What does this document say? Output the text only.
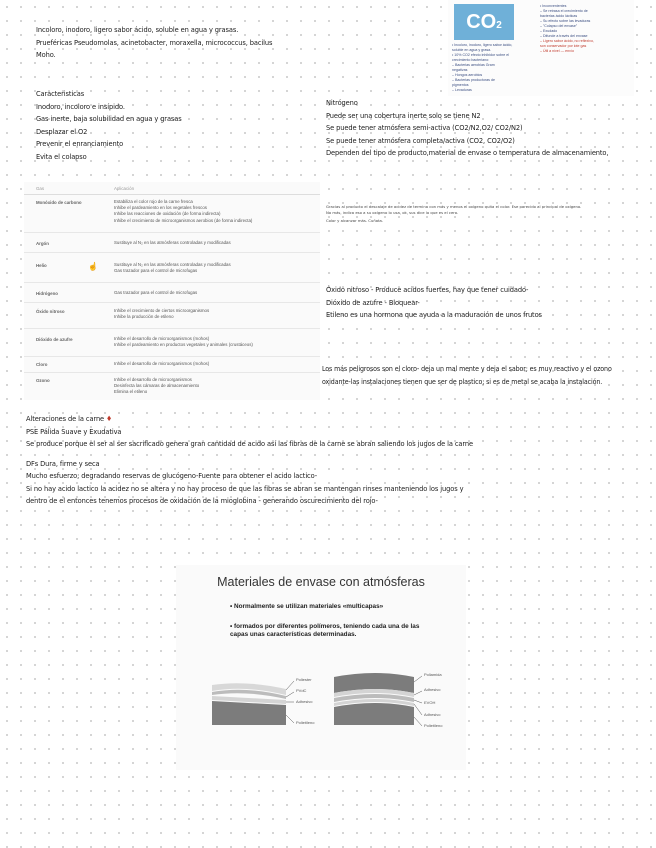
CO2
• Incoloro, inodoro, ligero sabor ácido,
soluble en agua y grasa.
• 10% CO2 efecto inhibidor sobre el
crecimiento bacteriano:
– Bacterias aerobias Gram
negativas
– Hongos aerobios
– Bacterias productoras de
pigmentos
– Levaduras
• Inconvenientes
– Se retrasa el crecimiento de
bacterias ácido lácticas
– Su efecto sobre las levaduras
– "Colapso del envase"
– Exudado
– Difunde a través del envase
– Ligero sabor ácido, no reflexivo,
son conservador por lote gas
– Útil a nivel — envío
Incoloro, inodoro, ligero sabor ácido, soluble en agua y grasas.
Prueféricas Pseudomolas, acinetobacter, moraxella, micrococcus, bacilus
Moho.
Caracteristicas
Inodoro, incoloro e insípido.
Gas inerte, baja solubilidad en agua y grasas
Desplazar el O2
Prevenir el enranciamiento
Evita el colapso
Nitrógeno
Puede ser una cobertura inerte solo se tiene N2
Se puede tener atmósfera semi-activa (CO2/N2,O2/ CO2/N2)
Se puede tener atmósfera completa/activa (CO2, CO2/O2)
Dependen del tipo de producto,material de envase o temperatura de almacenamiento,
Gracias al producto el descalaje de acidez de termina con más y menos el oxígeno quita el color. Ese parecido al principal de oxígeno.
No más, indica eso a su oxígeno lo usa, ok, sus dice lo que es el cero.
Color y alcanzar más. Cuñata.
Gas	Aplicación
Monóxido de carbono	Estabiliza el color rojo de la carne fresca
Inhibe el pardeamiento en los vegetales frescos
Inhibe las reacciones de oxidación (de forma indirecta)
Inhibe el crecimiento de microorganismos aerobios (de forma indirecta)
Argón	Sustituye al N₂ en las atmósferas controladas y modificadas
Helio	Sustituye al N₂ en las atmósferas controladas y modificadas
Gas trazador para el control de microfugas
Hidrógeno	Gas trazador para el control de microfugas
Óxido nitroso	Inhibe el crecimiento de ciertos microorganismos
Inhibe la producción de etileno
Dióxido de azufre	Inhibe el desarrollo de microorganismos (mohos)
Inhibe el pardeamiento en productos vegetales y animales (crustáceos)
Cloro	Inhibe el desarrollo de microorganismos (mohos)
Ozono	Inhibe el desarrollo de microorganismos
Desinfecta las cámaras de almacenamiento
Elimina el etileno
☝
Óxido nitroso - Produce acidos fuertes, hay que tener cuidado-
Dióxido de azufre - Bloquear-
Etileno es una hormona que ayuda a la maduración de unos frutos
Los más peligrosos son el cloro- deja un mal mente y deja el sabor; es muy reactivo y el ozono
oxidante-las instalaciones tienen que ser de plastico; si es de metal se acaba la instalación.
Alteraciones de la carne ♦
PSE Pálida Suave y Exudativa
Se produce porque el ser al ser sacrificado genera gran cantidad de acido así las fibras de la carne se abran saliendo los jugos de la carne
DFs Dura, firme y seca
Mucho esfuerzo; degradando reservas de glucógeno-Fuente para obtener el acido lactico-
Si no hay acido lactico la acidez no se altera y no hay proceso de que las fibras se abran se mantengan rinses manteniendo los jugos y
dentro de el entonces tenemos procesos de oxidación de la mioglobina - generando oscurecimiento del rojo-
Materiales de envase con atmósferas
• Normalmente se utilizan materiales «multicapas»
• formados por diferentes polímeros, teniendo cada una de las capas unas características determinadas.
Poliester
PVdC
Adhesivo
Polietileno
Poliamida
Adhesivo
EVOH
Adhesivo
Polietileno
